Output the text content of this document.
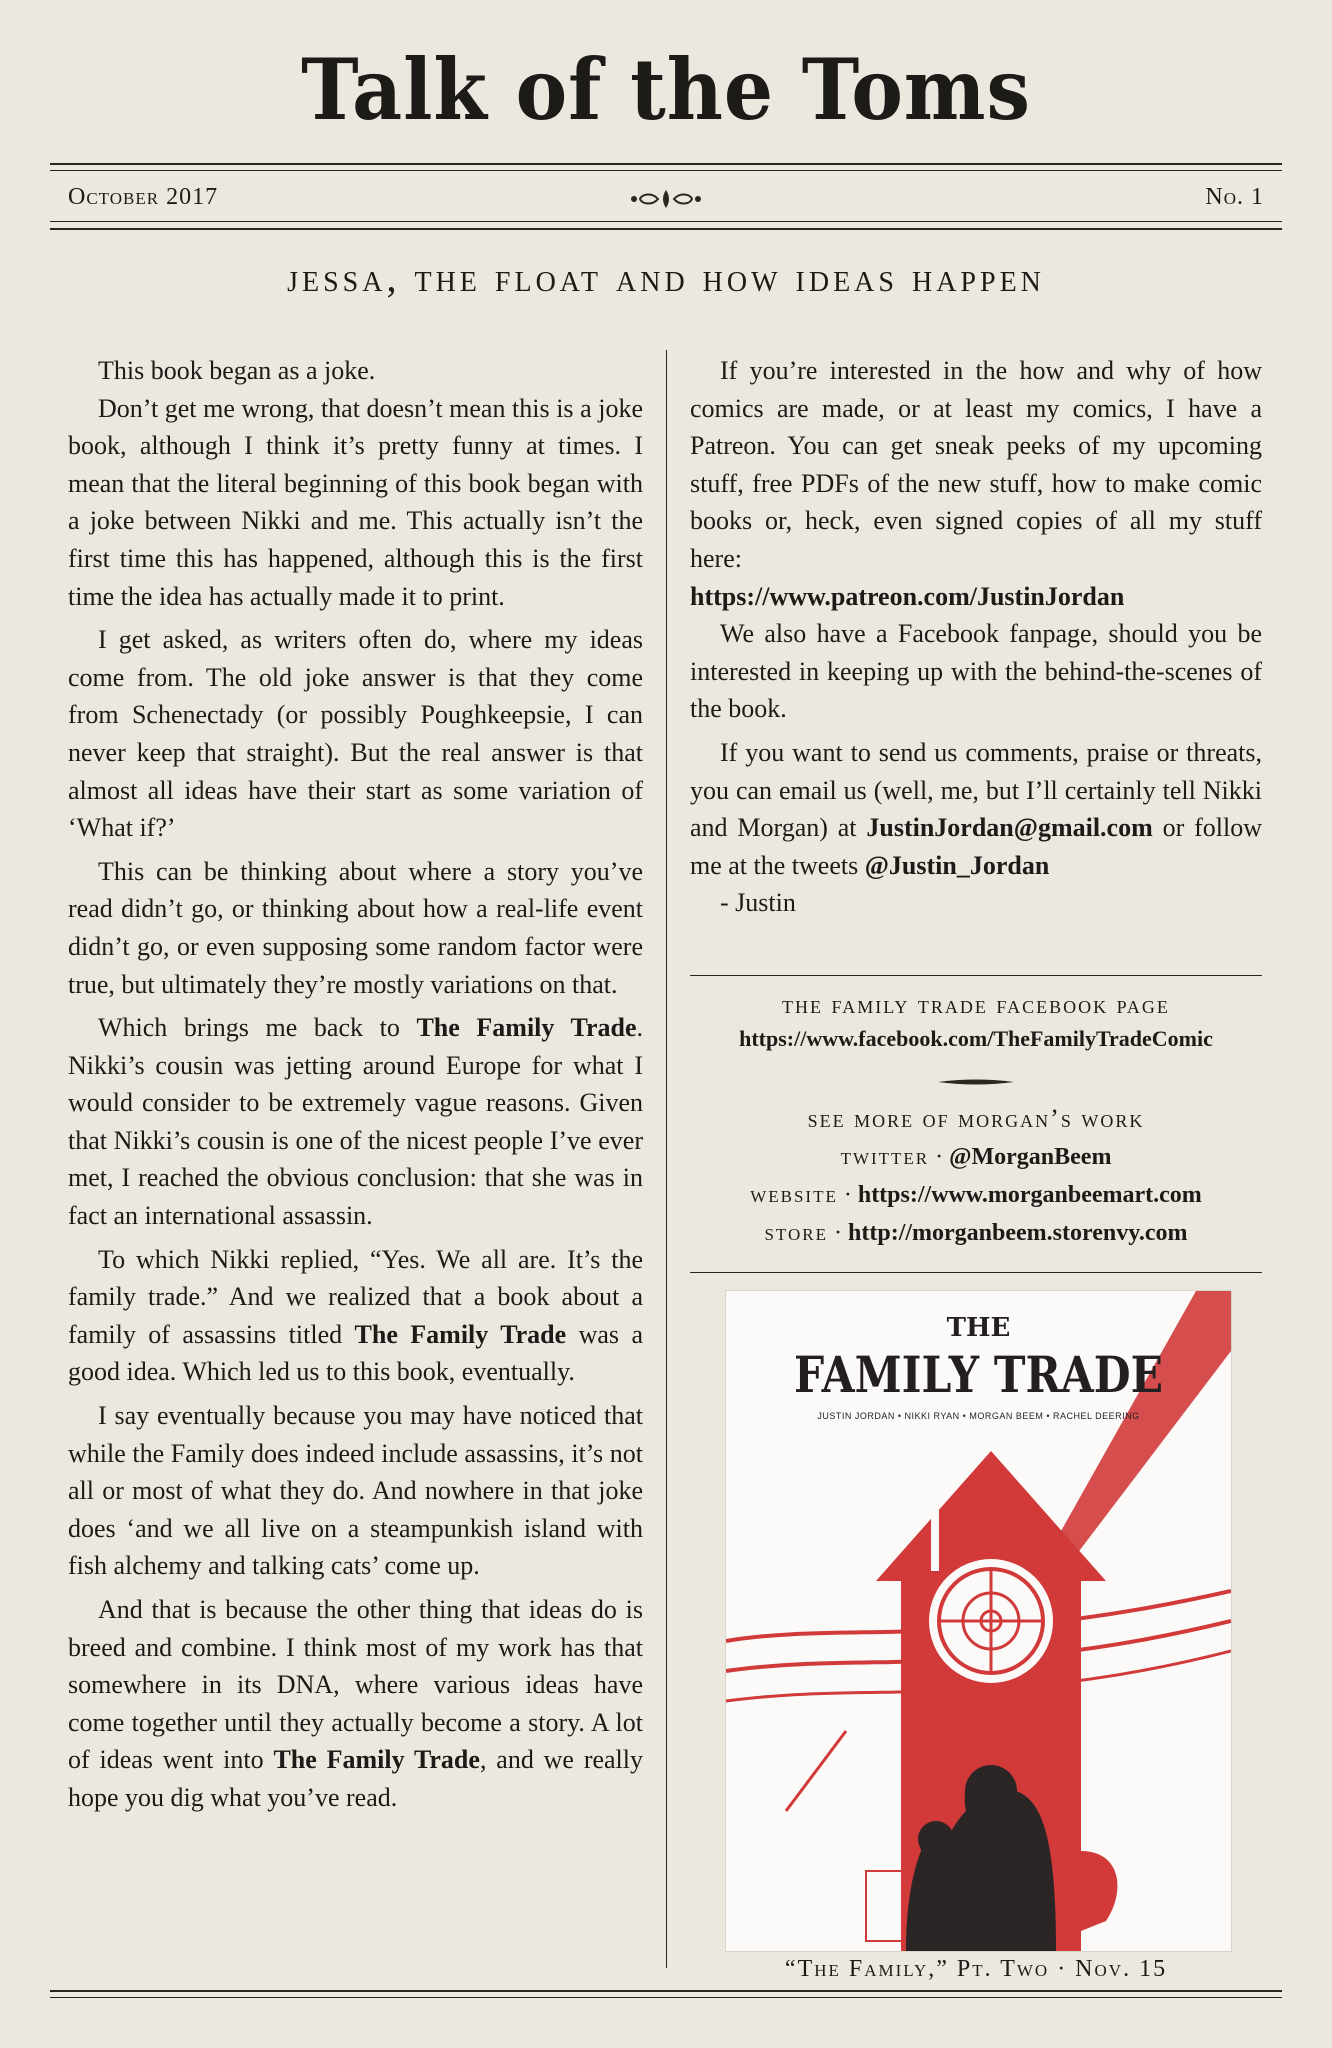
Talk of the Toms
October 2017	No. 1
jessa, the float and how ideas happen

This book began as a joke.

Don’t get me wrong, that doesn’t mean this is a joke book, although I think it’s pretty funny at times. I mean that the literal beginning of this book began with a joke between Nikki and me. This actually isn’t the first time this has happened, although this is the first time the idea has actually made it to print.

I get asked, as writers often do, where my ideas come from. The old joke answer is that they come from Schenectady (or possibly Poughkeepsie, I can never keep that straight). But the real answer is that almost all ideas have their start as some variation of ‘What if?’

This can be thinking about where a story you’ve read didn’t go, or thinking about how a real-life event didn’t go, or even supposing some random factor were true, but ultimately they’re mostly variations on that.

Which brings me back to The Family Trade. Nikki’s cousin was jetting around Europe for what I would consider to be extremely vague reasons. Given that Nikki’s cousin is one of the nicest people I’ve ever met, I reached the obvious conclusion: that she was in fact an international assassin.

To which Nikki replied, “Yes. We all are. It’s the family trade.” And we realized that a book about a family of assassins titled The Family Trade was a good idea. Which led us to this book, eventually.

I say eventually because you may have noticed that while the Family does indeed include assassins, it’s not all or most of what they do. And nowhere in that joke does ‘and we all live on a steampunkish island with fish alchemy and talking cats’ come up.

And that is because the other thing that ideas do is breed and combine. I think most of my work has that somewhere in its DNA, where various ideas have come together until they actually become a story. A lot of ideas went into The Family Trade, and we really hope you dig what you’ve read.

If you’re interested in the how and why of how comics are made, or at least my comics, I have a Patreon. You can get sneak peeks of my upcoming stuff, free PDFs of the new stuff, how to make comic books or, heck, even signed copies of all my stuff here:

https://www.patreon.com/JustinJordan

We also have a Facebook fanpage, should you be interested in keeping up with the behind-the-scenes of the book.

If you want to send us comments, praise or threats, you can email us (well, me, but I’ll certainly tell Nikki and Morgan) at JustinJordan@gmail.com or follow me at the tweets @Justin_Jordan

- Justin

the family trade facebook page
https://www.facebook.com/TheFamilyTradeComic
see more of morgan’s work
twitter · @MorganBeem
website · https://www.morganbeemart.com
store · http://morganbeem.storenvy.com
THE
FAMILY TRADE
JUSTIN JORDAN • NIKKI RYAN • MORGAN BEEM • RACHEL DEERING
“The Family,” Pt. Two · Nov. 15
